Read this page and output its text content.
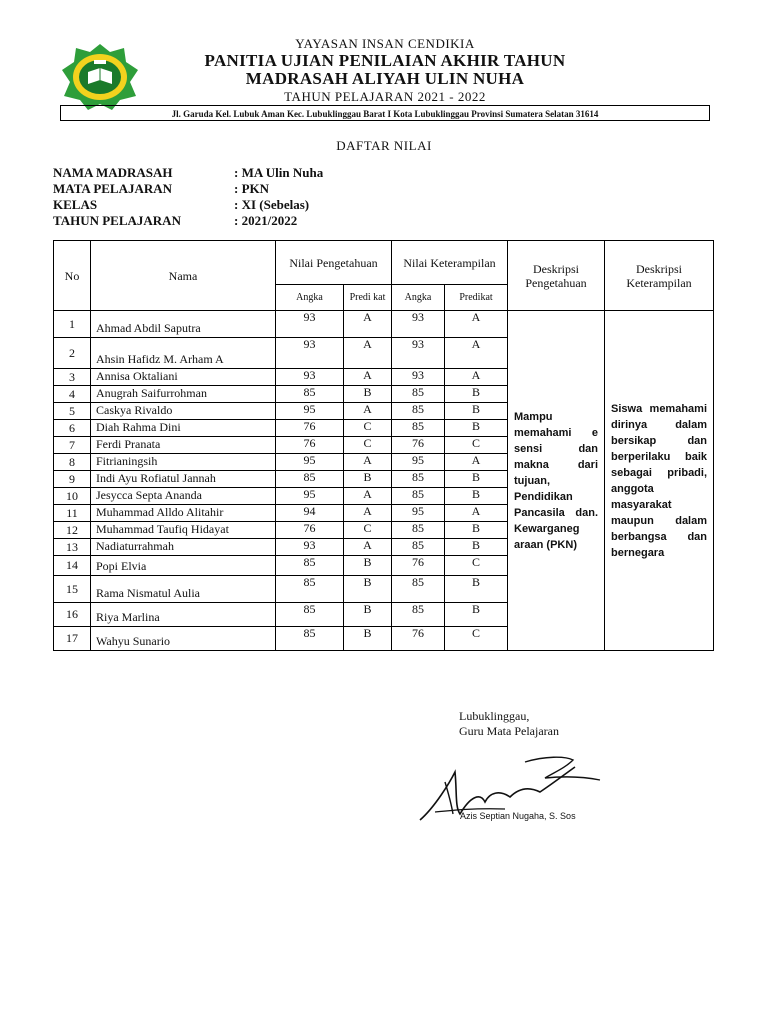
YAYASAN INSAN CENDIKIA
PANITIA UJIAN PENILAIAN AKHIR TAHUN
MADRASAH ALIYAH ULIN NUHA
TAHUN PELAJARAN 2021 - 2022
Jl. Garuda Kel. Lubuk Aman Kec. Lubuklinggau Barat I Kota Lubuklinggau Provinsi Sumatera Selatan 31614
DAFTAR NILAI
NAMA MADRASAH	: MA Ulin Nuha
MATA PELAJARAN	: PKN
KELAS	: XI (Sebelas)
TAHUN PELAJARAN	: 2021/2022
No	Nama	Nilai Pengetahuan		Nilai Keterampilan		Deskripsi Pengetahuan	Deskripsi Keterampilan
		Angka	Predi kat	Angka	Predikat		
1	Ahmad Abdil Saputra	93	A	93	A	Mampu memahami e sensi dan makna dari tujuan, Pendidikan Pancasila dan. Kewarganeg araan (PKN)	Siswa memahami dirinya dalam bersikap dan berperilaku baik sebagai pribadi, anggota masyarakat maupun dalam berbangsa dan bernegara
2	Ahsin Hafidz M. Arham A	93	A	93	A		
3	Annisa Oktaliani	93	A	93	A		
4	Anugrah Saifurrohman	85	B	85	B		
5	Caskya Rivaldo	95	A	85	B		
6	Diah Rahma Dini	76	C	85	B		
7	Ferdi Pranata	76	C	76	C		
8	Fitrianingsih	95	A	95	A		
9	Indi Ayu Rofiatul Jannah	85	B	85	B		
10	Jesycca Septa Ananda	95	A	85	B		
11	Muhammad Alldo Alitahir	94	A	95	A		
12	Muhammad Taufiq Hidayat	76	C	85	B		
13	Nadiaturrahmah	93	A	85	B		
14	Popi Elvia	85	B	76	C		
15	Rama Nismatul Aulia	85	B	85	B		
16	Riya Marlina	85	B	85	B		
17	Wahyu Sunario	85	B	76	C		
Lubuklinggau,
Guru Mata Pelajaran
Azis Septian Nugaha, S. Sos
